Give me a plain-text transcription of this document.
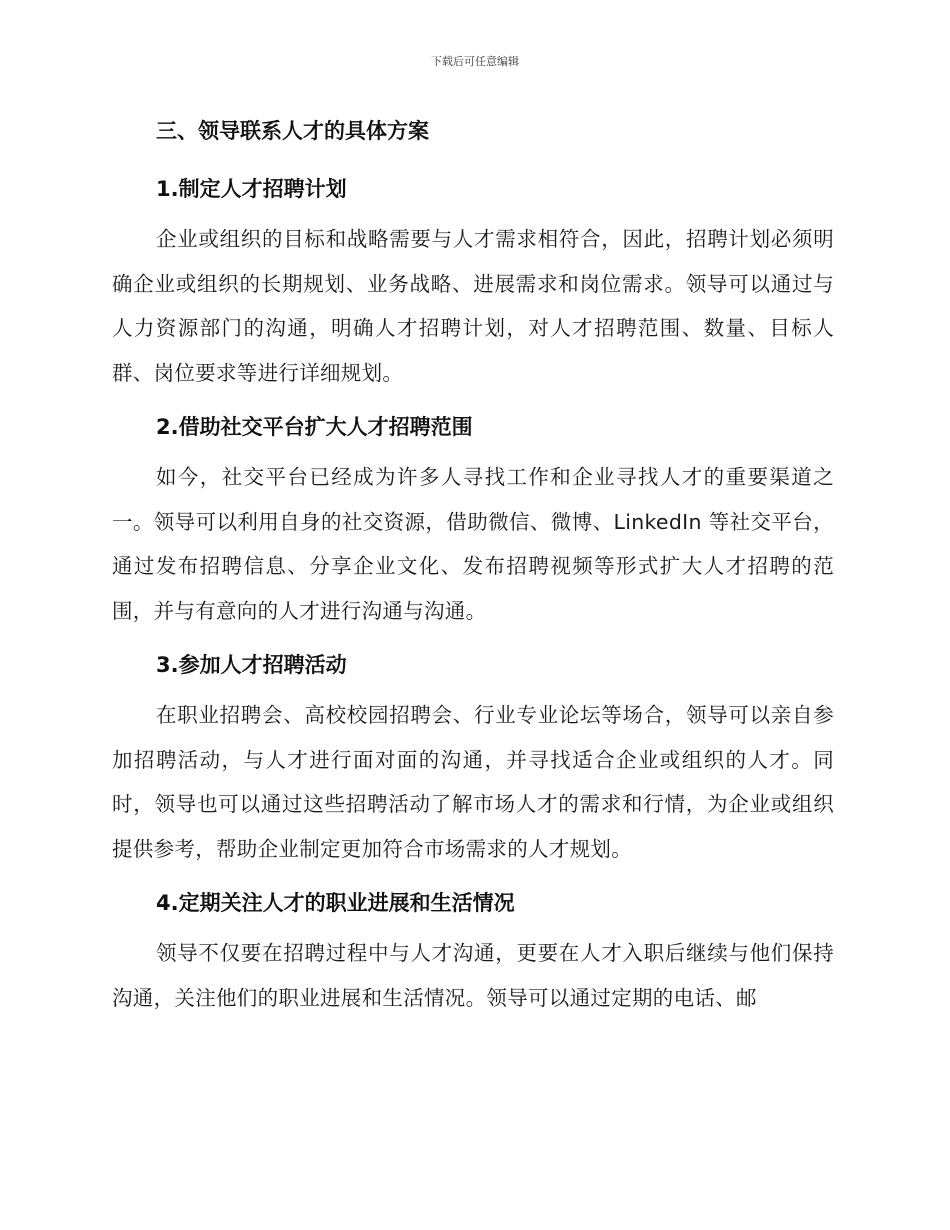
下载后可任意编辑
三、领导联系人才的具体方案
1.制定人才招聘计划

企业或组织的目标和战略需要与人才需求相符合，因此，招聘计划必须明确企业或组织的长期规划、业务战略、进展需求和岗位需求。领导可以通过与人力资源部门的沟通，明确人才招聘计划，对人才招聘范围、数量、目标人群、岗位要求等进行详细规划。

2.借助社交平台扩大人才招聘范围

如今，社交平台已经成为许多人寻找工作和企业寻找人才的重要渠道之一。领导可以利用自身的社交资源，借助微信、微博、LinkedIn 等社交平台，通过发布招聘信息、分享企业文化、发布招聘视频等形式扩大人才招聘的范围，并与有意向的人才进行沟通与沟通。

3.参加人才招聘活动

在职业招聘会、高校校园招聘会、行业专业论坛等场合，领导可以亲自参加招聘活动，与人才进行面对面的沟通，并寻找适合企业或组织的人才。同时，领导也可以通过这些招聘活动了解市场人才的需求和行情，为企业或组织提供参考，帮助企业制定更加符合市场需求的人才规划。

4.定期关注人才的职业进展和生活情况

领导不仅要在招聘过程中与人才沟通，更要在人才入职后继续与他们保持沟通，关注他们的职业进展和生活情况。领导可以通过定期的电话、邮
